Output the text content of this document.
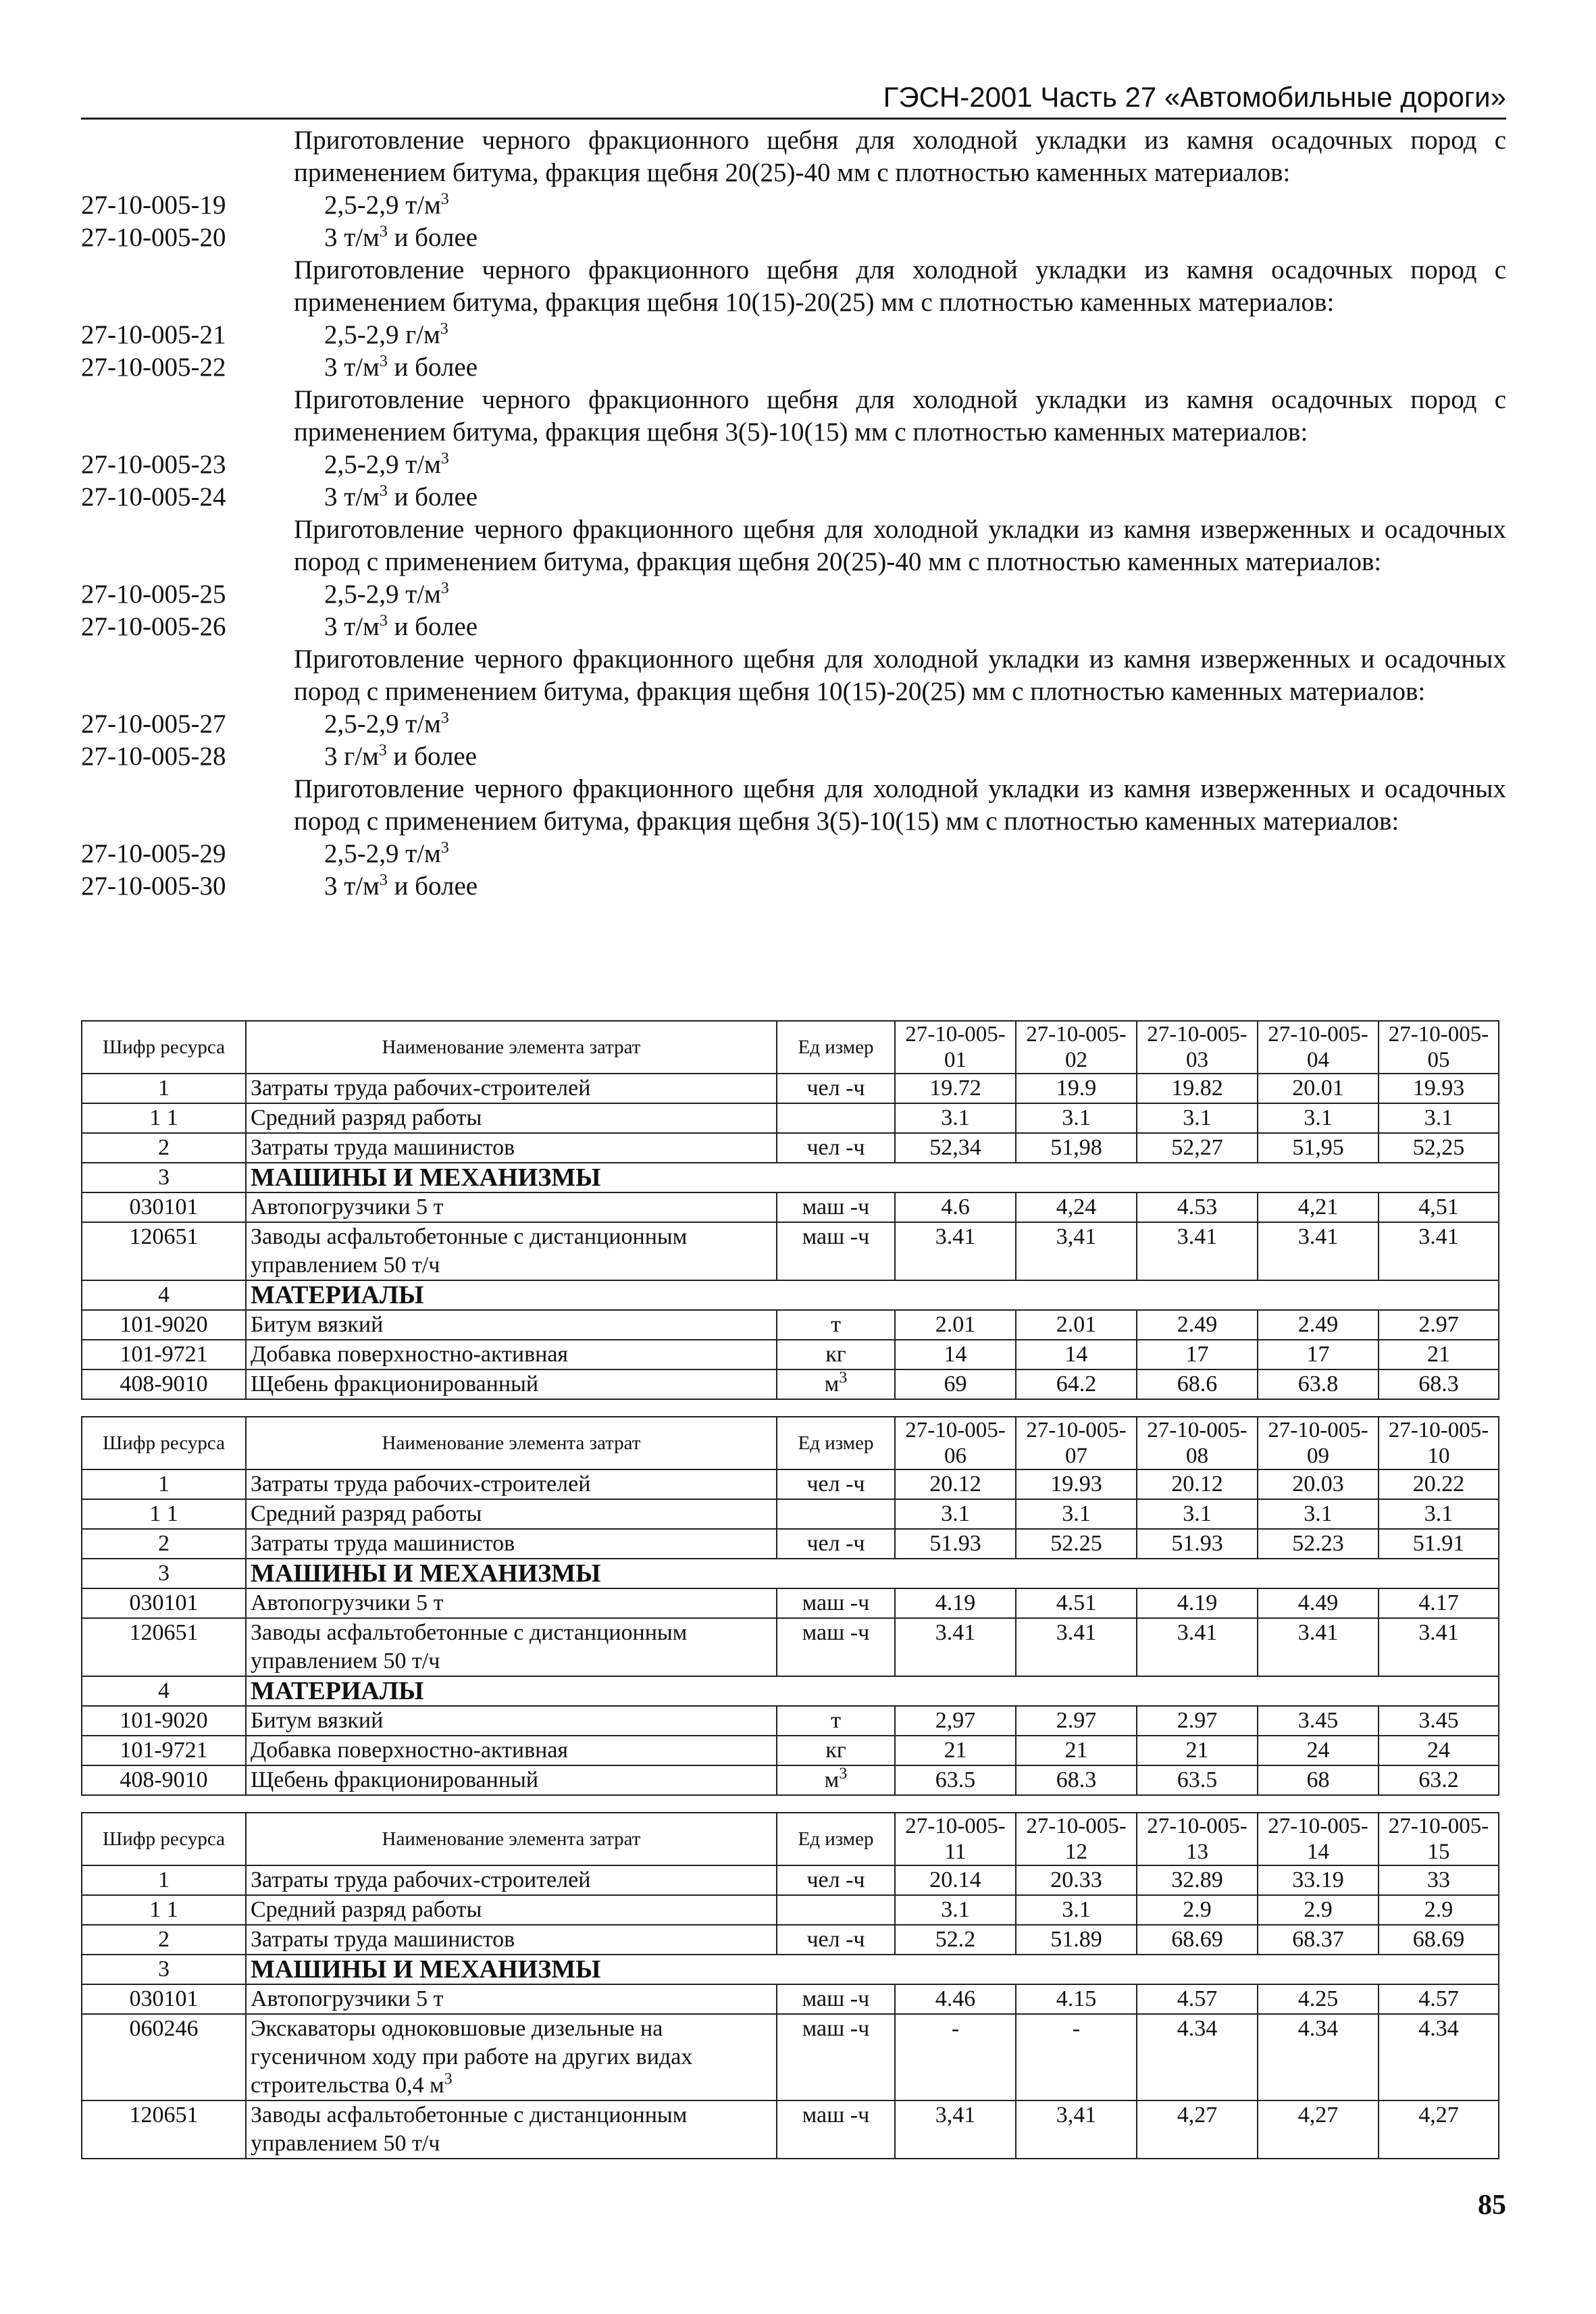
ГЭСН-2001 Часть 27 «Автомобильные дороги»
Приготовление черного фракционного щебня для холодной укладки из камня осадочных пород с применением битума, фракция щебня 20(25)-40 мм с плотностью каменных материалов:
27-10-005-19	2,5-2,9 $т/м^3$
27-10-005-20	3 $т/м^3$ и более
Приготовление черного фракционного щебня для холодной укладки из камня осадочных пород с применением битума, фракция щебня 10(15)-20(25) мм с плотностью каменных материалов:
27-10-005-21	2,5-2,9 $г/м^3$
27-10-005-22	3 $т/м^3$ и более
Приготовление черного фракционного щебня для холодной укладки из камня осадочных пород с применением битума, фракция щебня 3(5)-10(15) мм с плотностью каменных материалов:
27-10-005-23	2,5-2,9 $т/м^3$
27-10-005-24	3 $т/м^3$ и более
Приготовление черного фракционного щебня для холодной укладки из камня изверженных и осадочных пород с применением битума, фракция щебня 20(25)-40 мм с плотностью каменных материалов:
27-10-005-25	2,5-2,9 $т/м^3$
27-10-005-26	3 $т/м^3$ и более
Приготовление черного фракционного щебня для холодной укладки из камня изверженных и осадочных пород с применением битума, фракция щебня 10(15)-20(25) мм с плотностью каменных материалов:
27-10-005-27	2,5-2,9 $т/м^3$
27-10-005-28	3 $г/м^3$ и более
Приготовление черного фракционного щебня для холодной укладки из камня изверженных и осадочных пород с применением битума, фракция щебня 3(5)-10(15) мм с плотностью каменных материалов:
27-10-005-29	2,5-2,9 $т/м^3$
27-10-005-30	3 $т/м^3$ и более
Шифр ресурса	Наименование элемента затрат	Ед измер	27-10-005-01	27-10-005-02	27-10-005-03	27-10-005-04	27-10-005-05
1	Затраты труда рабочих-строителей	чел -ч	19.72	19.9	19.82	20.01	19.93
1 1	Средний разряд работы		3.1	3.1	3.1	3.1	3.1
2	Затраты труда машинистов	чел -ч	52,34	51,98	52,27	51,95	52,25
3	МАШИНЫ И МЕХАНИЗМЫ						
030101	Автопогрузчики 5 т	маш -ч	4.6	4,24	4.53	4,21	4,51
120651	Заводы асфальтобетонные с дистанционным управлением 50 т/ч	маш -ч	3.41	3,41	3.41	3.41	3.41
4	МАТЕРИАЛЫ						
101-9020	Битум вязкий	т	2.01	2.01	2.49	2.49	2.97
101-9721	Добавка поверхностно-активная	кг	14	14	17	17	21
408-9010	Щебень фракционированный	$м^3$	69	64.2	68.6	63.8	68.3
Шифр ресурса	Наименование элемента затрат	Ед измер	27-10-005-06	27-10-005-07	27-10-005-08	27-10-005-09	27-10-005-10
1	Затраты труда рабочих-строителей	чел -ч	20.12	19.93	20.12	20.03	20.22
1 1	Средний разряд работы		3.1	3.1	3.1	3.1	3.1
2	Затраты труда машинистов	чел -ч	51.93	52.25	51.93	52.23	51.91
3	МАШИНЫ И МЕХАНИЗМЫ						
030101	Автопогрузчики 5 т	маш -ч	4.19	4.51	4.19	4.49	4.17
120651	Заводы асфальтобетонные с дистанционным управлением 50 т/ч	маш -ч	3.41	3.41	3.41	3.41	3.41
4	МАТЕРИАЛЫ						
101-9020	Битум вязкий	т	2,97	2.97	2.97	3.45	3.45
101-9721	Добавка поверхностно-активная	кг	21	21	21	24	24
408-9010	Щебень фракционированный	$м^3$	63.5	68.3	63.5	68	63.2
Шифр ресурса	Наименование элемента затрат	Ед измер	27-10-005-11	27-10-005-12	27-10-005-13	27-10-005-14	27-10-005-15
1	Затраты труда рабочих-строителей	чел -ч	20.14	20.33	32.89	33.19	33
1 1	Средний разряд работы		3.1	3.1	2.9	2.9	2.9
2	Затраты труда машинистов	чел -ч	52.2	51.89	68.69	68.37	68.69
3	МАШИНЫ И МЕХАНИЗМЫ						
030101	Автопогрузчики 5 т	маш -ч	4.46	4.15	4.57	4.25	4.57
060246	Экскаваторы одноковшовые дизельные на гусеничном ходу при работе на других видах строительства 0,4 $м^3$	маш -ч	-	-	4.34	4.34	4.34
120651	Заводы асфальтобетонные с дистанционным управлением 50 т/ч	маш -ч	3,41	3,41	4,27	4,27	4,27
85
